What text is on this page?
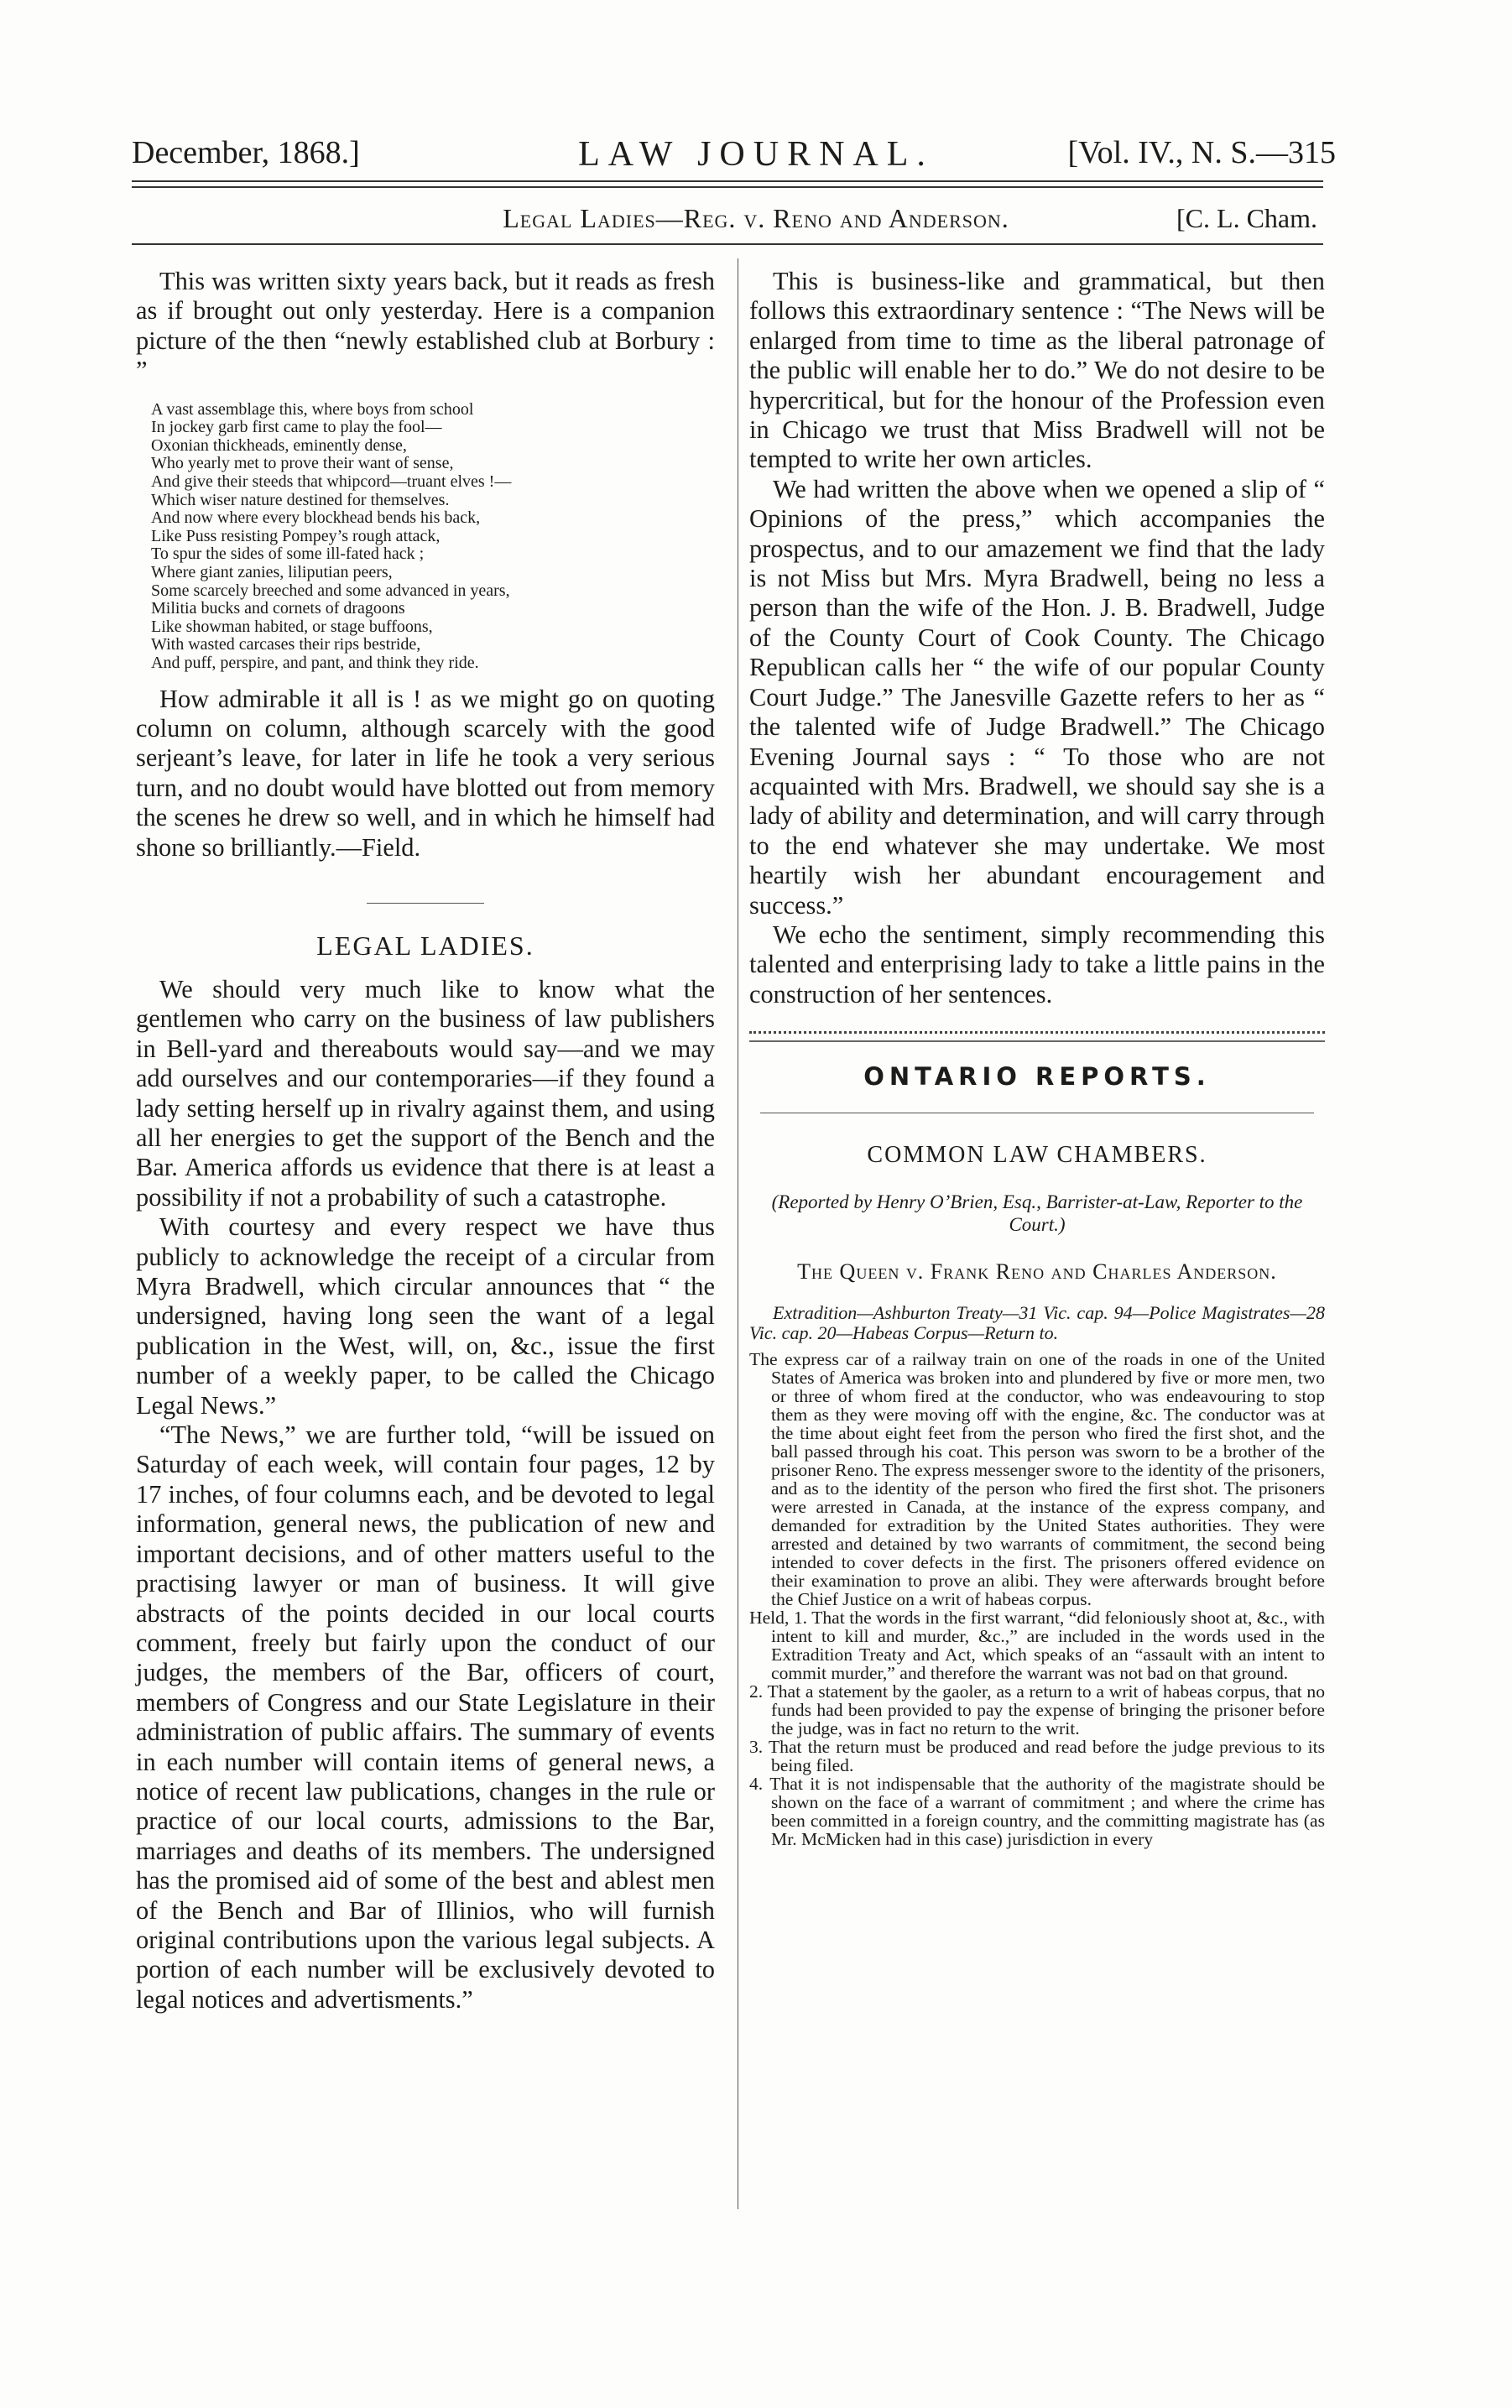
December, 1868.]	LAW JOURNAL.	[Vol. IV., N. S.—315
Legal Ladies—Reg. v. Reno and Anderson.	[C. L. Cham.

This was written sixty years back, but it reads as fresh as if brought out only yesterday. Here is a companion picture of the then “newly established club at Borbury : ”

A vast assemblage this, where boys from school
In jockey garb first came to play the fool—
Oxonian thickheads, eminently dense,
Who yearly met to prove their want of sense,
And give their steeds that whipcord—truant elves !—
Which wiser nature destined for themselves.
And now where every blockhead bends his back,
Like Puss resisting Pompey’s rough attack,
To spur the sides of some ill-fated hack ;
Where giant zanies, liliputian peers,
Some scarcely breeched and some advanced in years,
Militia bucks and cornets of dragoons
Like showman habited, or stage buffoons,
With wasted carcases their rips bestride,
And puff, perspire, and pant, and think they ride.

How admirable it all is ! as we might go on quoting column on column, although scarcely with the good serjeant’s leave, for later in life he took a very serious turn, and no doubt would have blotted out from memory the scenes he drew so well, and in which he himself had shone so brilliantly.—Field.

LEGAL LADIES.

We should very much like to know what the gentlemen who carry on the business of law publishers in Bell-yard and thereabouts would say—and we may add ourselves and our contemporaries—if they found a lady setting herself up in rivalry against them, and using all her energies to get the support of the Bench and the Bar. America affords us evidence that there is at least a possibility if not a probability of such a catastrophe.

With courtesy and every respect we have thus publicly to acknowledge the receipt of a circular from Myra Bradwell, which circular announces that “ the undersigned, having long seen the want of a legal publication in the West, will, on, &c., issue the first number of a weekly paper, to be called the Chicago Legal News.”

“The News,” we are further told, “will be issued on Saturday of each week, will contain four pages, 12 by 17 inches, of four columns each, and be devoted to legal information, general news, the publication of new and important decisions, and of other matters useful to the practising lawyer or man of business. It will give abstracts of the points decided in our local courts comment, freely but fairly upon the conduct of our judges, the members of the Bar, officers of court, members of Congress and our State Legislature in their administration of public affairs. The summary of events in each number will contain items of general news, a notice of recent law publications, changes in the rule or practice of our local courts, admissions to the Bar, marriages and deaths of its members. The undersigned has the promised aid of some of the best and ablest men of the Bench and Bar of Illinios, who will furnish original contributions upon the various legal subjects. A portion of each number will be exclusively devoted to legal notices and advertisments.”

This is business-like and grammatical, but then follows this extraordinary sentence : “The News will be enlarged from time to time as the liberal patronage of the public will enable her to do.” We do not desire to be hypercritical, but for the honour of the Profession even in Chicago we trust that Miss Bradwell will not be tempted to write her own articles.

We had written the above when we opened a slip of “ Opinions of the press,” which accompanies the prospectus, and to our amazement we find that the lady is not Miss but Mrs. Myra Bradwell, being no less a person than the wife of the Hon. J. B. Bradwell, Judge of the County Court of Cook County. The Chicago Republican calls her “ the wife of our popular County Court Judge.” The Janesville Gazette refers to her as “ the talented wife of Judge Bradwell.” The Chicago Evening Journal says : “ To those who are not acquainted with Mrs. Bradwell, we should say she is a lady of ability and determination, and will carry through to the end whatever she may undertake. We most heartily wish her abundant encouragement and success.”

We echo the sentiment, simply recommending this talented and enterprising lady to take a little pains in the construction of her sentences.

ONTARIO REPORTS.
COMMON LAW CHAMBERS.
(Reported by Henry O’Brien, Esq., Barrister-at-Law, Reporter to the Court.)
The Queen v. Frank Reno and Charles Anderson.

Extradition—Ashburton Treaty—31 Vic. cap. 94—Police Magistrates—28 Vic. cap. 20—Habeas Corpus—Return to.

The express car of a railway train on one of the roads in one of the United States of America was broken into and plundered by five or more men, two or three of whom fired at the conductor, who was endeavouring to stop them as they were moving off with the engine, &c. The conductor was at the time about eight feet from the person who fired the first shot, and the ball passed through his coat. This person was sworn to be a brother of the prisoner Reno. The express messenger swore to the identity of the prisoners, and as to the identity of the person who fired the first shot. The prisoners were arrested in Canada, at the instance of the express company, and demanded for extradition by the United States authorities. They were arrested and detained by two warrants of commitment, the second being intended to cover defects in the first. The prisoners offered evidence on their examination to prove an alibi. They were afterwards brought before the Chief Justice on a writ of habeas corpus.

Held, 1. That the words in the first warrant, “did feloniously shoot at, &c., with intent to kill and murder, &c.,” are included in the words used in the Extradition Treaty and Act, which speaks of an “assault with an intent to commit murder,” and therefore the warrant was not bad on that ground.

2. That a statement by the gaoler, as a return to a writ of habeas corpus, that no funds had been provided to pay the expense of bringing the prisoner before the judge, was in fact no return to the writ.

3. That the return must be produced and read before the judge previous to its being filed.

4. That it is not indispensable that the authority of the magistrate should be shown on the face of a warrant of commitment ; and where the crime has been committed in a foreign country, and the committing magistrate has (as Mr. McMicken had in this case) jurisdiction in every
